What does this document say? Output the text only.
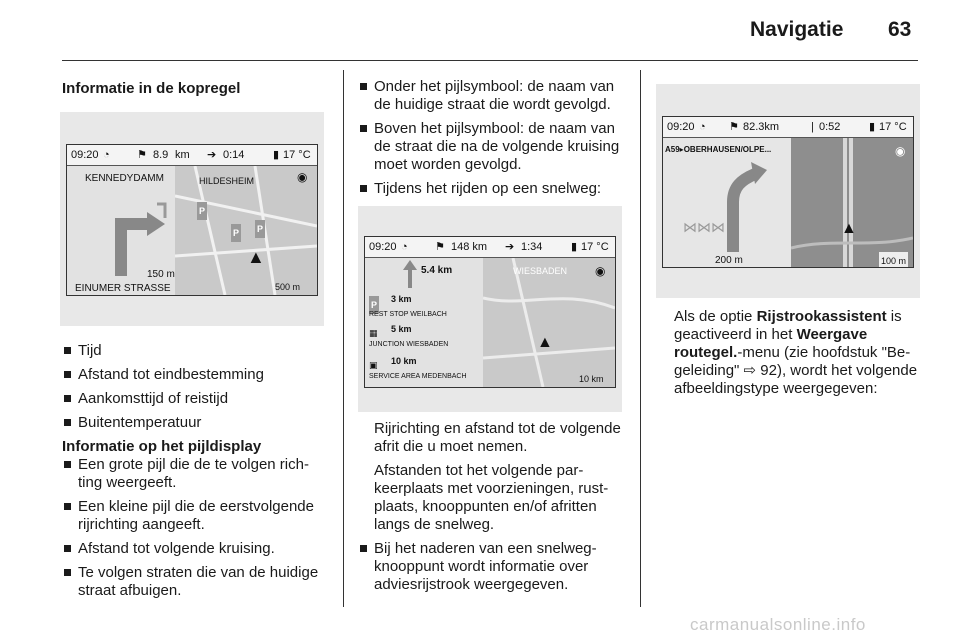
Navigatie 63
Informatie in de kopregel
09:20 ◔ ⚑ 8.9 km ➔ 0:14	▮ 17 °C
KENNEDYDAMM
150 m
EINUMER STRASSE
HILDESHEIM
P
P P
▲
◉
500 m
Tijd
Afstand tot eindbestemming
Aankomsttijd of reistijd
Buitentemperatuur
Informatie op het pijldisplay
Een grote pijl die de te volgen richting weergeeft.
Een kleine pijl die de eerstvolgende rijrichting aangeeft.
Afstand tot volgende kruising.
Te volgen straten die van de huidige straat afbuigen.
Onder het pijlsymbool: de naam van de huidige straat die wordt gevolgd.
Boven het pijlsymbool: de naam van de straat die na de volgende kruising moet worden gevolgd.
Tijdens het rijden op een snelweg:
09:20 ◔ ⚑ 148 km ➔ 1:34	▮ 17 °C
5.4 km
P
3 km
REST STOP WEILBACH
▦ 5 km
JUNCTION WIESBADEN
▣ 10 km
SERVICE AREA MEDENBACH
WIESBADEN ◉
▲
10 km

Rijrichting en afstand tot de volgende afrit die u moet nemen.

Afstanden tot het volgende parkeerplaats met voorzieningen, rustplaats, knooppunten en/of afritten langs de snelweg.

Bij het naderen van een snelwegknooppunt wordt informatie over adviesrijstrook weergegeven.
09:20 ◔ ⚑ 82.3km	| 0:52	▮ 17 °C
A59▸OBERHAUSEN/OLPE...
⋈⋈⋈
200 m
◉
▲
100 m

Als de optie Rijstrookassistent is geactiveerd in het Weergave routegel.-menu (zie hoofdstuk "Begeleiding" ⇨ 92), wordt het volgende afbeeldingstype weergegeven:

carmanualsonline.info
